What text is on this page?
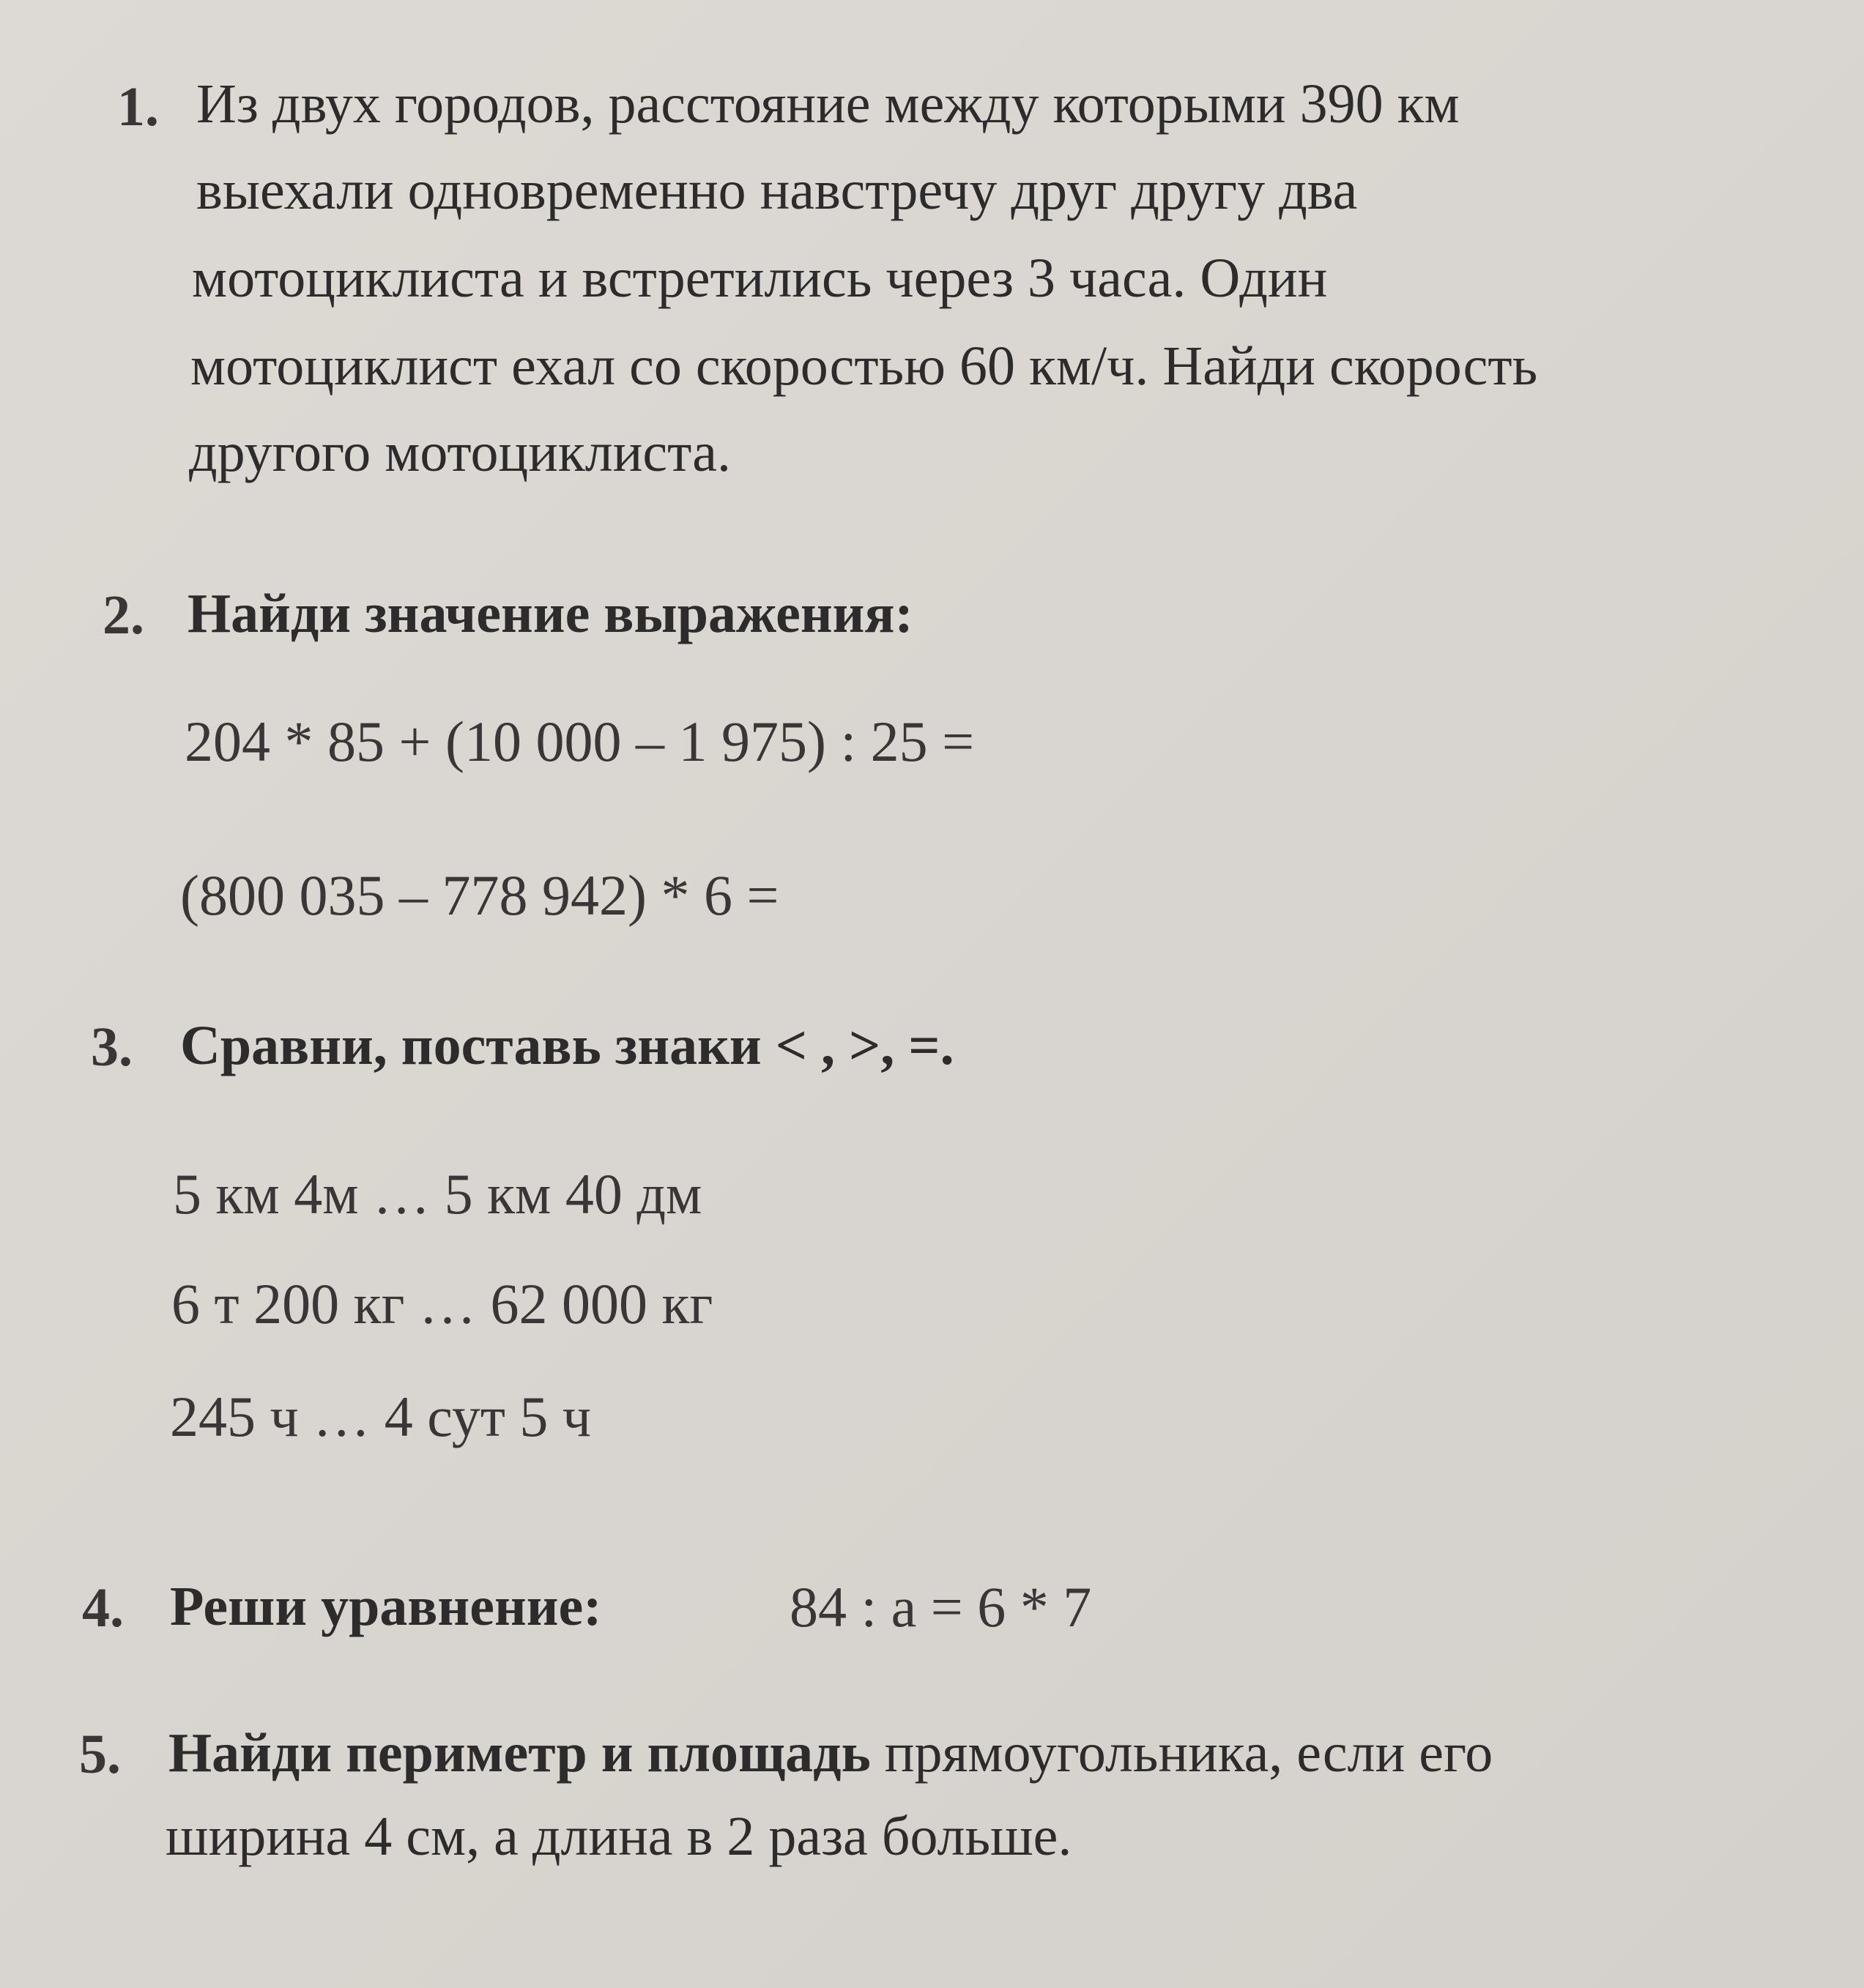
1. Из двух городов, расстояние между которыми 390 км
выехали одновременно навстречу друг другу два
мотоциклиста и встретились через 3 часа. Один
мотоциклист ехал со скоростью 60 км/ч. Найди скорость
другого мотоциклиста.
2. Найди значение выражения:
204 * 85 + (10 000 – 1 975) : 25 =
(800 035 – 778 942) * 6 =
3. Сравни, поставь знаки < , >, =.
5 км 4м … 5 км 40 дм
6 т 200 кг … 62 000 кг
245 ч … 4 сут 5 ч
4. Реши уравнение:	84 : а = 6 * 7
5. Найди периметр и площадь прямоугольника, если его
ширина 4 см, а длина в 2 раза больше.
